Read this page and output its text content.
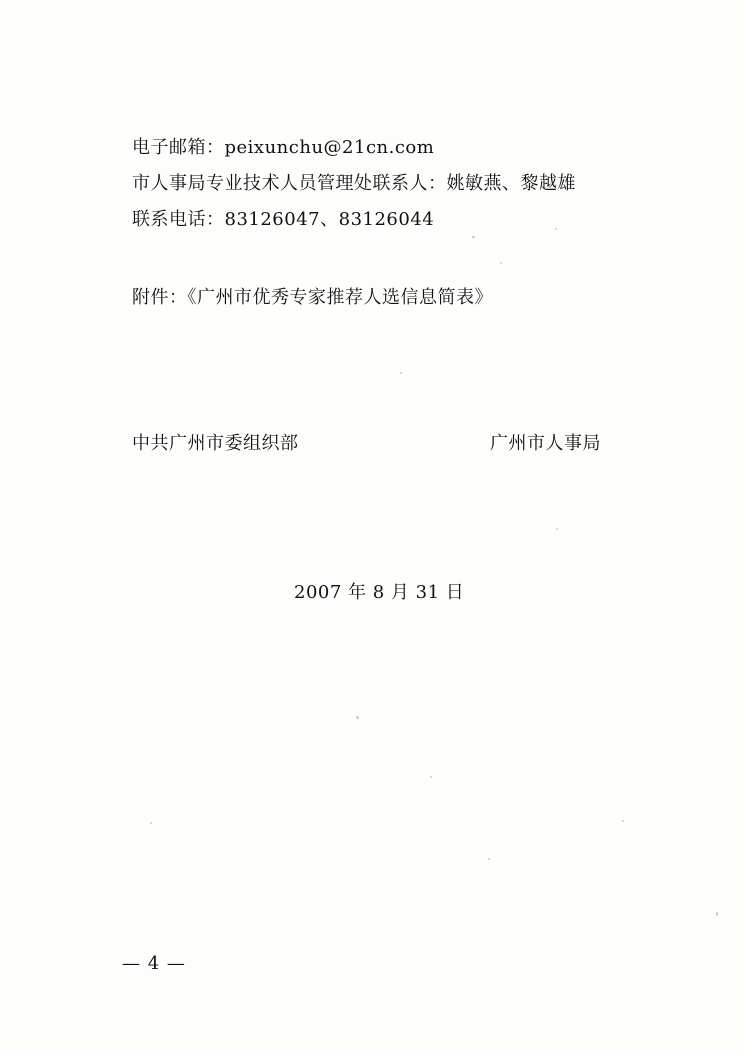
电子邮箱：peixunchu@21cn.com
市人事局专业技术人员管理处联系人：姚敏燕、黎越雄
联系电话：83126047、83126044
附件：《广州市优秀专家推荐人选信息简表》
中共广州市委组织部	广州市人事局
2007 年 8 月 31 日
— 4 —
